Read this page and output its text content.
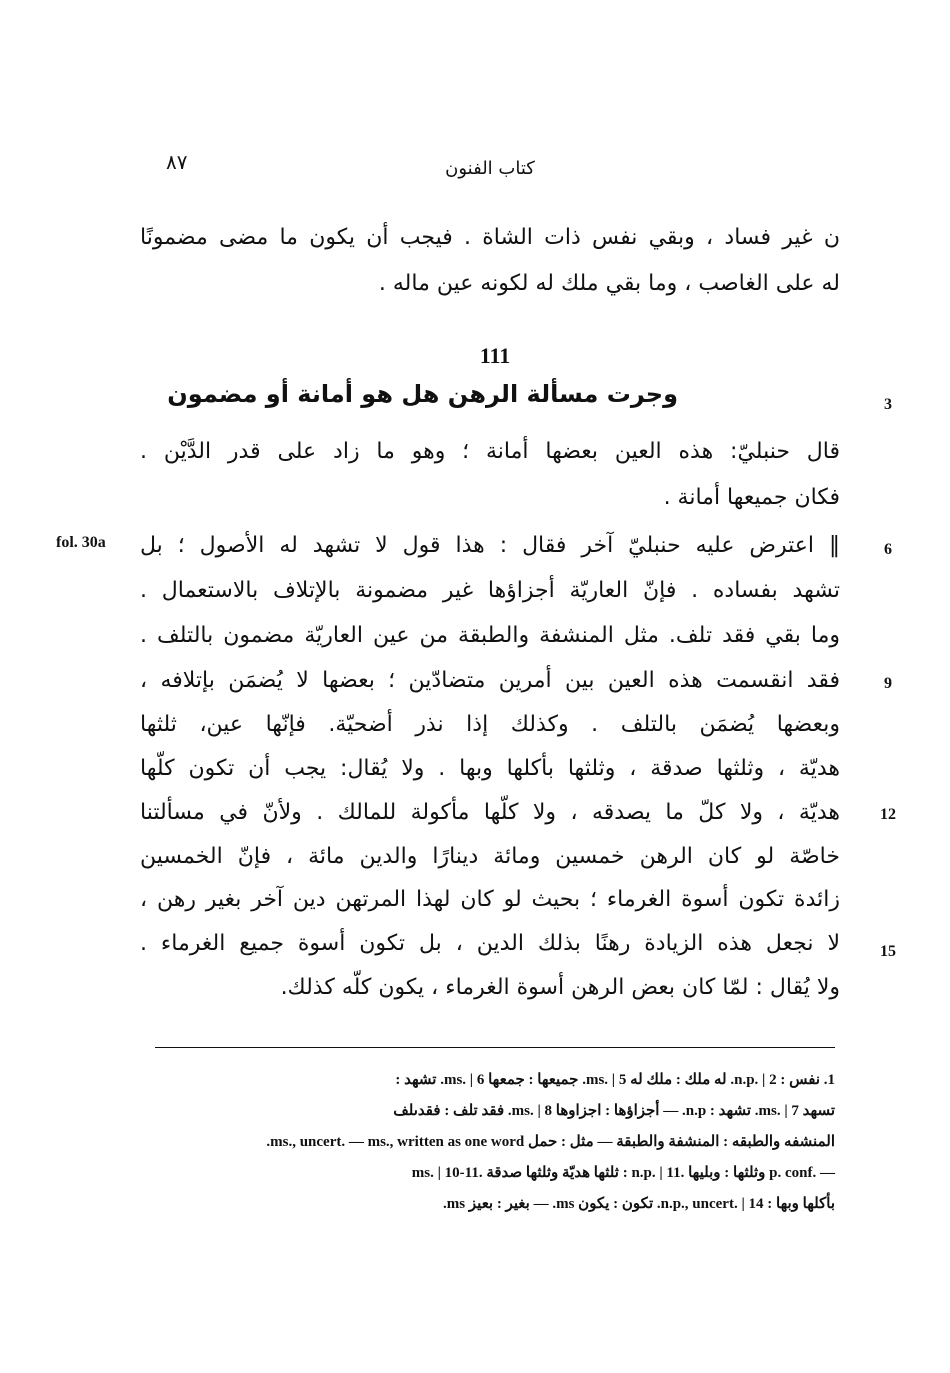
٨٧	كتاب الفنون
ن غير فساد ، وبقي نفس ذات الشاة . فيجب أن يكون ما مضى مضمونًا
له على الغاصب ، وما بقي ملك له لكونه عين ماله .
111
وجرت مسألة الرهن هل هو أمانة أو مضمون	3
قال حنبليّ: هذه العين بعضها أمانة ؛ وهو ما زاد على قدر الدَّيْن .
فكان جميعها أمانة .
fol. 30a ‖ اعترض عليه حنبليّ آخر فقال : هذا قول لا تشهد له الأصول ؛ بل	6
تشهد بفساده . فإنّ العاريّة أجزاؤها غير مضمونة بالإتلاف بالاستعمال .
وما بقي فقد تلف. مثل المنشفة والطبقة من عين العاريّة مضمون بالتلف .
فقد انقسمت هذه العين بين أمرين متضادّين ؛ بعضها لا يُضمَن بإتلافه ،	9
وبعضها يُضمَن بالتلف . وكذلك إذا نذر أضحيّة. فإنّها عين، ثلثها
هديّة ، وثلثها صدقة ، وثلثها بأكلها وبها . ولا يُقال: يجب أن تكون كلّها
هديّة ، ولا كلّ ما يصدقه ، ولا كلّها مأكولة للمالك . ولأنّ في مسألتنا	12
خاصّة لو كان الرهن خمسين ومائة دينارًا والدين مائة ، فإنّ الخمسين
زائدة تكون أسوة الغرماء ؛ بحيث لو كان لهذا المرتهن دين آخر بغير رهن ،
لا نجعل هذه الزيادة رهنًا بذلك الدين ، بل تكون أسوة جميع الغرماء .	15
ولا يُقال : لمّا كان بعض الرهن أسوة الغرماء ، يكون كلّه كذلك.
1. نفس : n.p. | 2. له ملك : ملك له ms. | 5. جميعها : جمعها ms. | 6. تشهد :
تسهد ms. | 7. تشهد : n.p. — أجزاؤها : اجزاوها ms. | 8. فقد تلف : فقدىلف
المنشفه والطبقه : المنشفة والطبقة — مثل : حمل ms., uncert. — ms., written as one word.
ms. | 10-11. ثلثها هديّة وثلثها صدقة : n.p. | 11. وثلثها : وبليها p. conf. —
بأكلها وبها : n.p., uncert. | 14. تكون : يكون ms. — بغير : بعيز ms.
